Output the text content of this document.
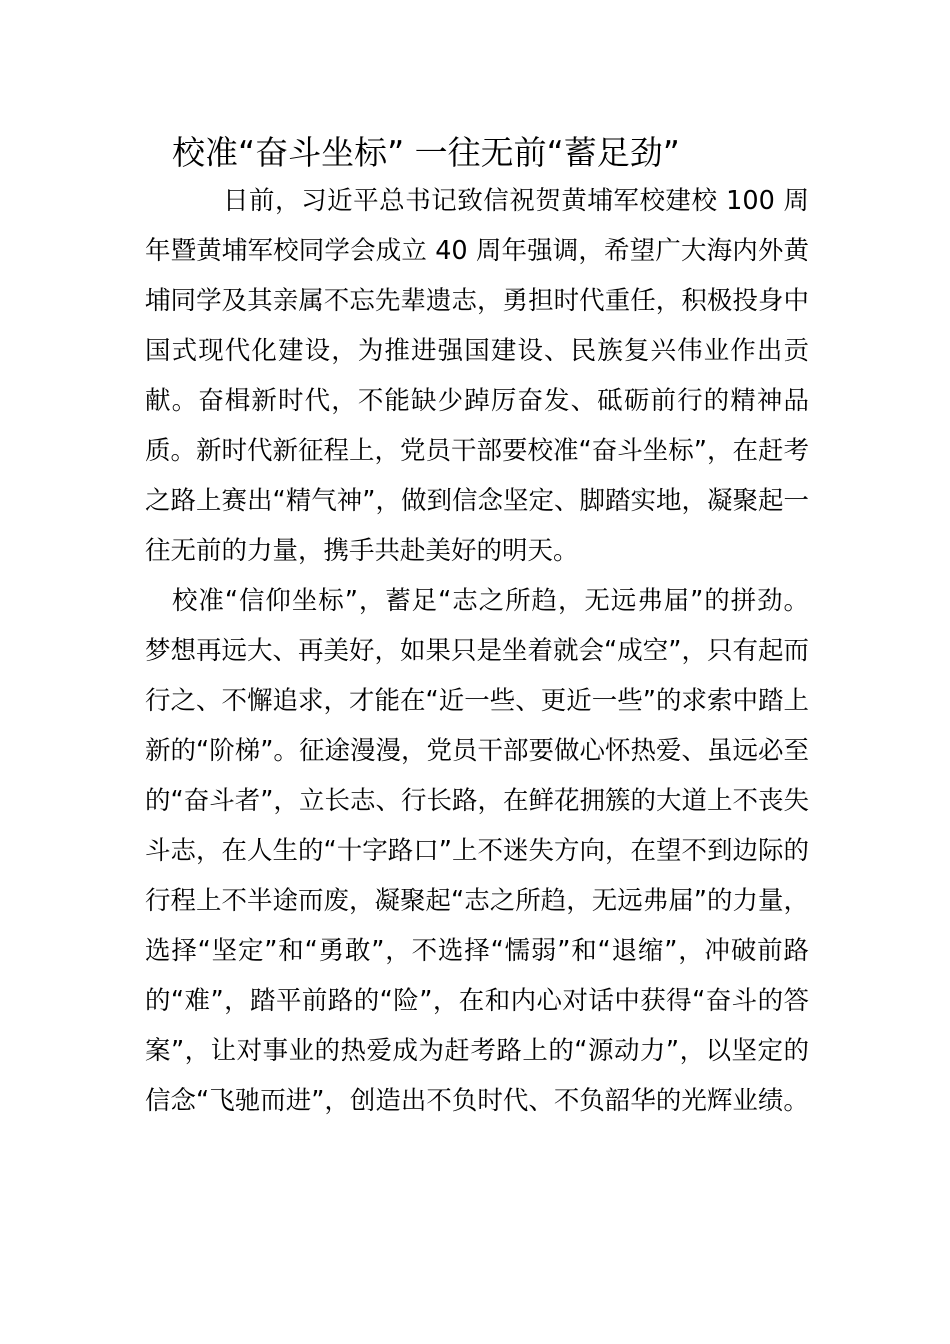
校准“奋斗坐标” 一往无前“蓄足劲”

日前，习近平总书记致信祝贺黄埔军校建校 100 周年暨黄埔军校同学会成立 40 周年强调，希望广大海内外黄埔同学及其亲属不忘先辈遗志，勇担时代重任，积极投身中国式现代化建设，为推进强国建设、民族复兴伟业作出贡献。奋楫新时代，不能缺少踔厉奋发、砥砺前行的精神品质。新时代新征程上，党员干部要校准“奋斗坐标”，在赶考之路上赛出“精气神”，做到信念坚定、脚踏实地，凝聚起一往无前的力量，携手共赴美好的明天。

校准“信仰坐标”，蓄足“志之所趋，无远弗届”的拼劲。梦想再远大、再美好，如果只是坐着就会“成空”，只有起而行之、不懈追求，才能在“近一些、更近一些”的求索中踏上新的“阶梯”。征途漫漫，党员干部要做心怀热爱、虽远必至的“奋斗者”，立长志、行长路，在鲜花拥簇的大道上不丧失斗志，在人生的“十字路口”上不迷失方向，在望不到边际的行程上不半途而废，凝聚起“志之所趋，无远弗届”的力量，选择“坚定”和“勇敢”，不选择“懦弱”和“退缩”，冲破前路的“难”，踏平前路的“险”，在和内心对话中获得“奋斗的答案”，让对事业的热爱成为赶考路上的“源动力”，以坚定的信念“飞驰而进”，创造出不负时代、不负韶华的光辉业绩。
